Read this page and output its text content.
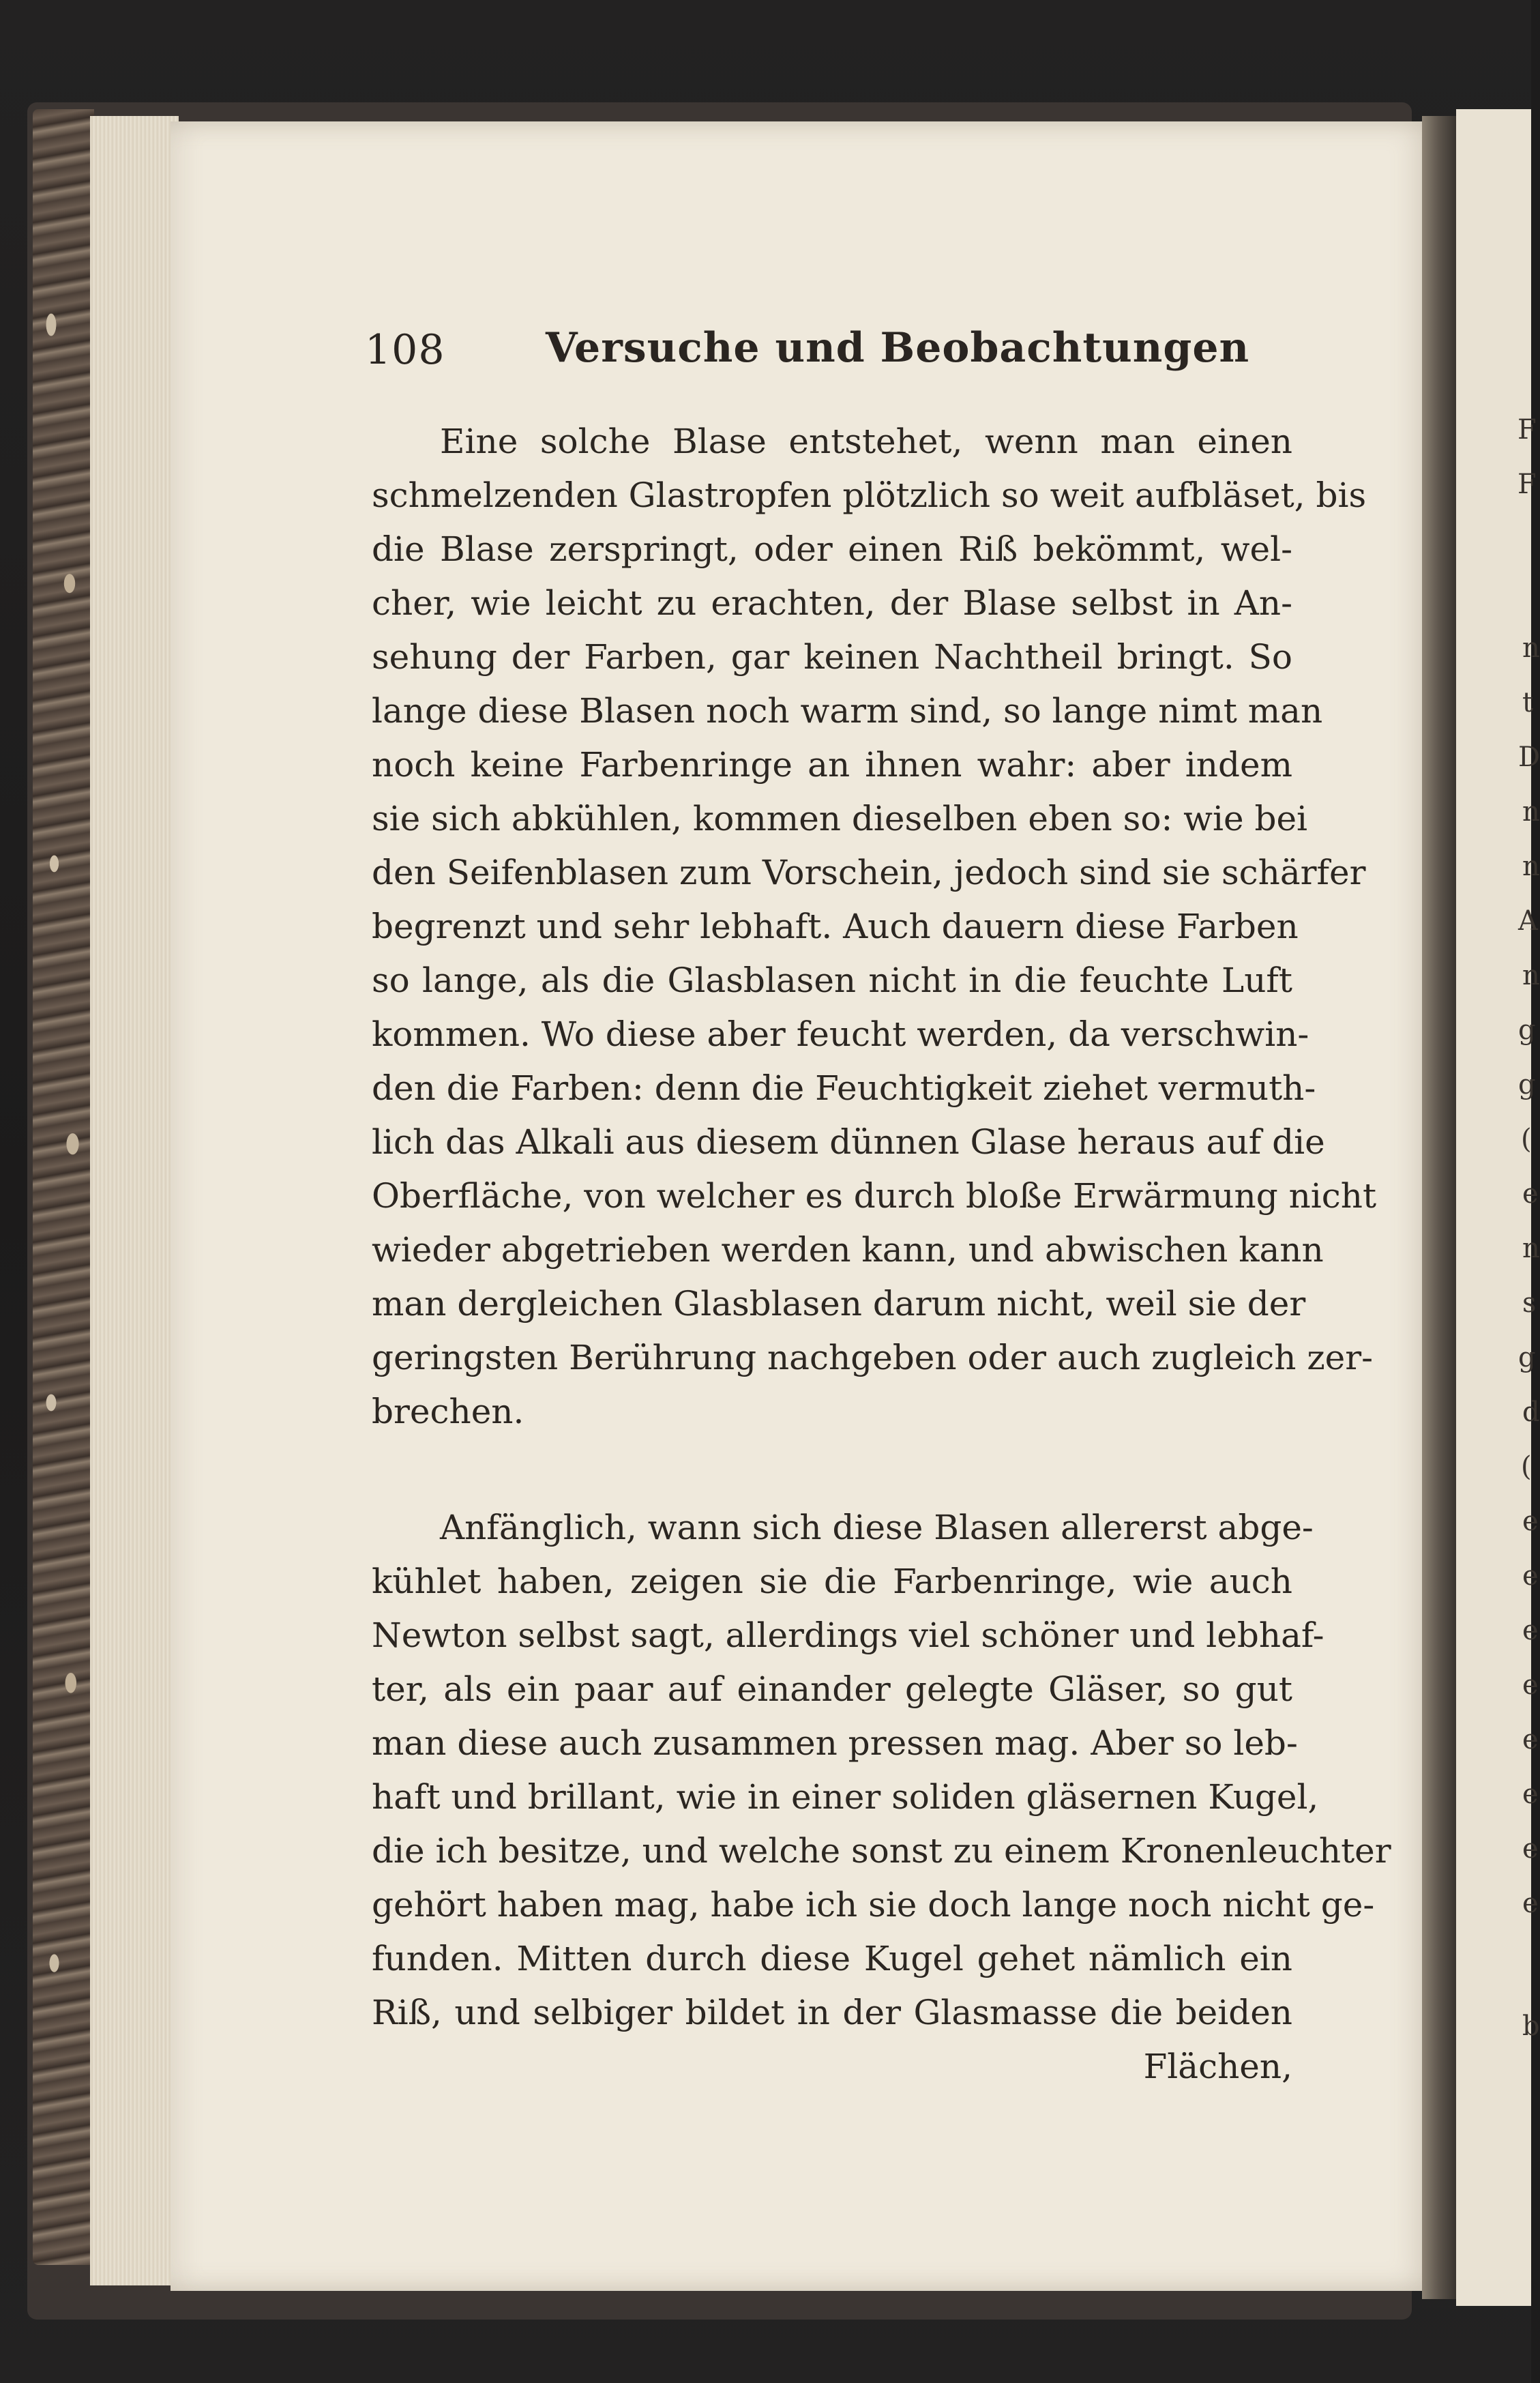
F
F
n
t
D
n
n
A
n
g
g
(
e
n
s
g
d
(
e
e
e
e
e
e
e
e
b
108 Versuche und Beobachtungen
Eine solche Blase entstehet, wenn man einen
schmelzenden Glastropfen plötzlich so weit aufbläset, bis
die Blase zerspringt, oder einen Riß bekömmt, wel-
cher, wie leicht zu erachten, der Blase selbst in An-
sehung der Farben, gar keinen Nachtheil bringt. So
lange diese Blasen noch warm sind, so lange nimt man
noch keine Farbenringe an ihnen wahr: aber indem
sie sich abkühlen, kommen dieselben eben so: wie bei
den Seifenblasen zum Vorschein, jedoch sind sie schärfer
begrenzt und sehr lebhaft. Auch dauern diese Farben
so lange, als die Glasblasen nicht in die feuchte Luft
kommen. Wo diese aber feucht werden, da verschwin-
den die Farben: denn die Feuchtigkeit ziehet vermuth-
lich das Alkali aus diesem dünnen Glase heraus auf die
Oberfläche, von welcher es durch bloße Erwärmung nicht
wieder abgetrieben werden kann, und abwischen kann
man dergleichen Glasblasen darum nicht, weil sie der
geringsten Berührung nachgeben oder auch zugleich zer-
brechen.
Anfänglich, wann sich diese Blasen allererst abge-
kühlet haben, zeigen sie die Farbenringe, wie auch
Newton selbst sagt, allerdings viel schöner und lebhaf-
ter, als ein paar auf einander gelegte Gläser, so gut
man diese auch zusammen pressen mag. Aber so leb-
haft und brillant, wie in einer soliden gläsernen Kugel,
die ich besitze, und welche sonst zu einem Kronenleuchter
gehört haben mag, habe ich sie doch lange noch nicht ge-
funden. Mitten durch diese Kugel gehet nämlich ein
Riß, und selbiger bildet in der Glasmasse die beiden
Flächen,
